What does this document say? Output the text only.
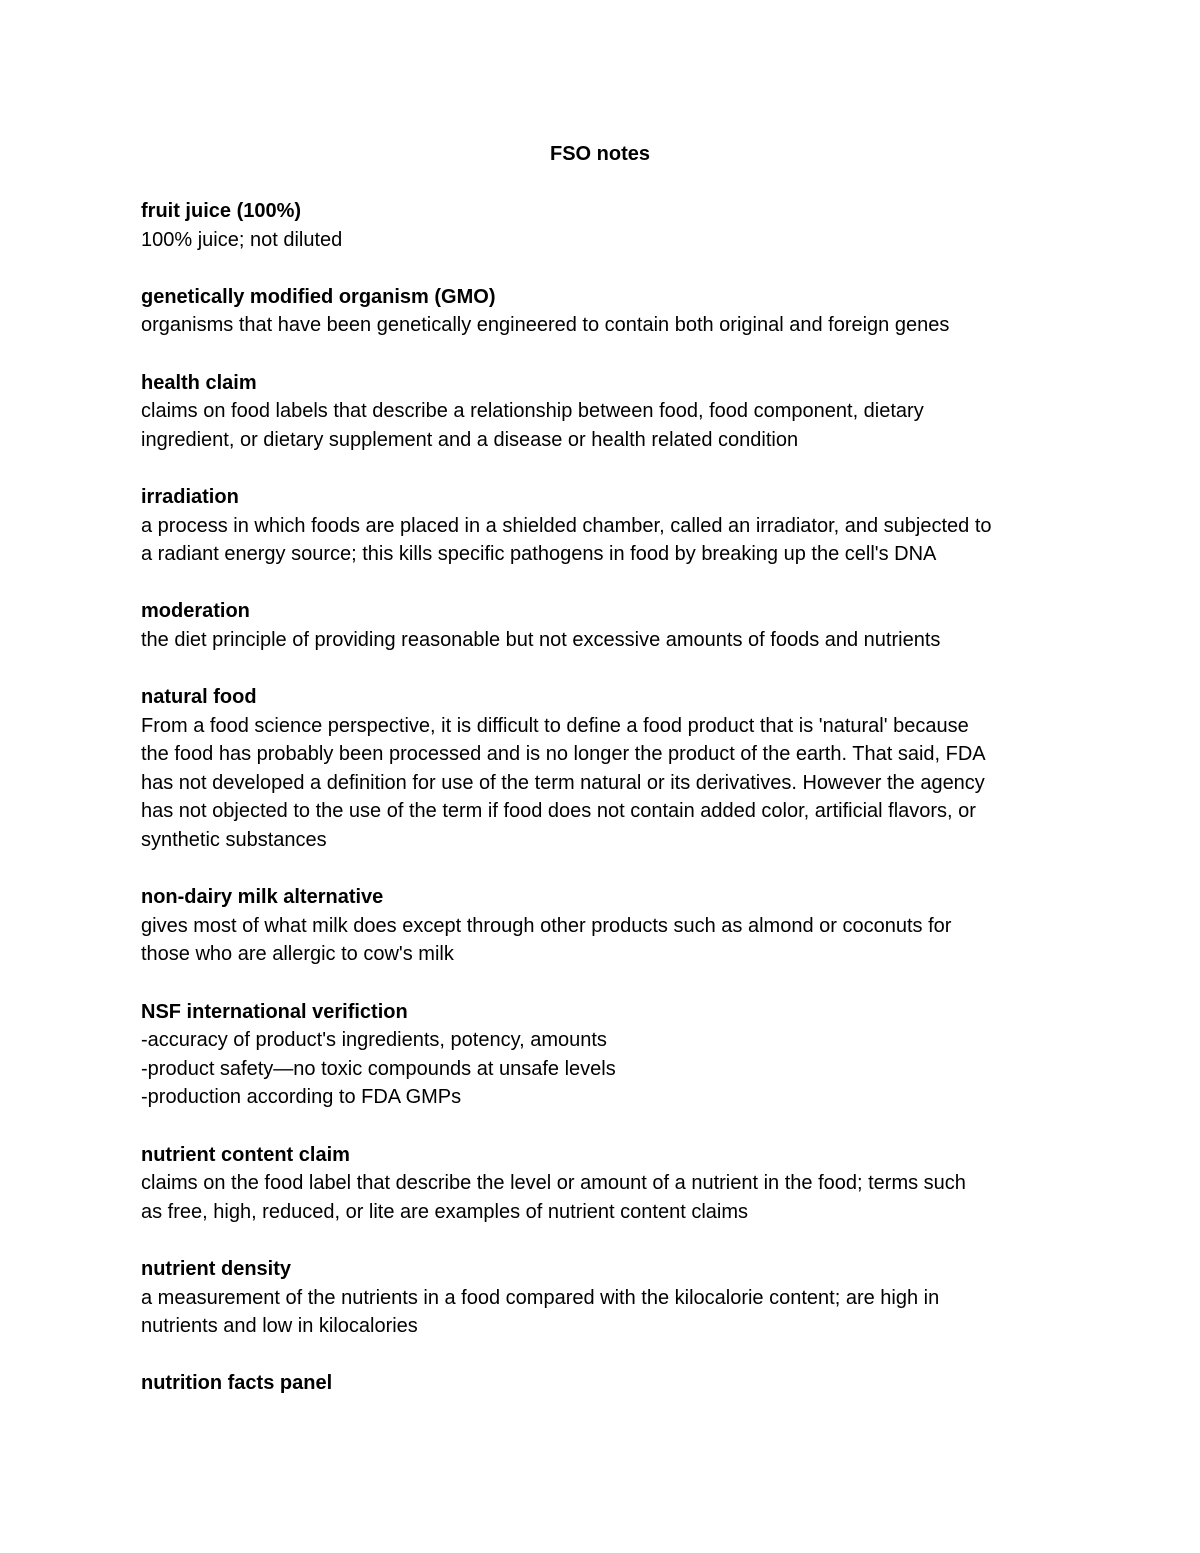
FSO notes
fruit juice (100%)
100% juice; not diluted
genetically modified organism (GMO)
organisms that have been genetically engineered to contain both original and foreign genes
health claim
claims on food labels that describe a relationship between food, food component, dietary
ingredient, or dietary supplement and a disease or health related condition
irradiation
a process in which foods are placed in a shielded chamber, called an irradiator, and subjected to
a radiant energy source; this kills specific pathogens in food by breaking up the cell's DNA
moderation
the diet principle of providing reasonable but not excessive amounts of foods and nutrients
natural food
From a food science perspective, it is difficult to define a food product that is 'natural' because
the food has probably been processed and is no longer the product of the earth. That said, FDA
has not developed a definition for use of the term natural or its derivatives. However the agency
has not objected to the use of the term if food does not contain added color, artificial flavors, or
synthetic substances
non-dairy milk alternative
gives most of what milk does except through other products such as almond or coconuts for
those who are allergic to cow's milk
NSF international verifiction
-accuracy of product's ingredients, potency, amounts
-product safety—no toxic compounds at unsafe levels
-production according to FDA GMPs
nutrient content claim
claims on the food label that describe the level or amount of a nutrient in the food; terms such
as free, high, reduced, or lite are examples of nutrient content claims
nutrient density
a measurement of the nutrients in a food compared with the kilocalorie content; are high in
nutrients and low in kilocalories
nutrition facts panel
